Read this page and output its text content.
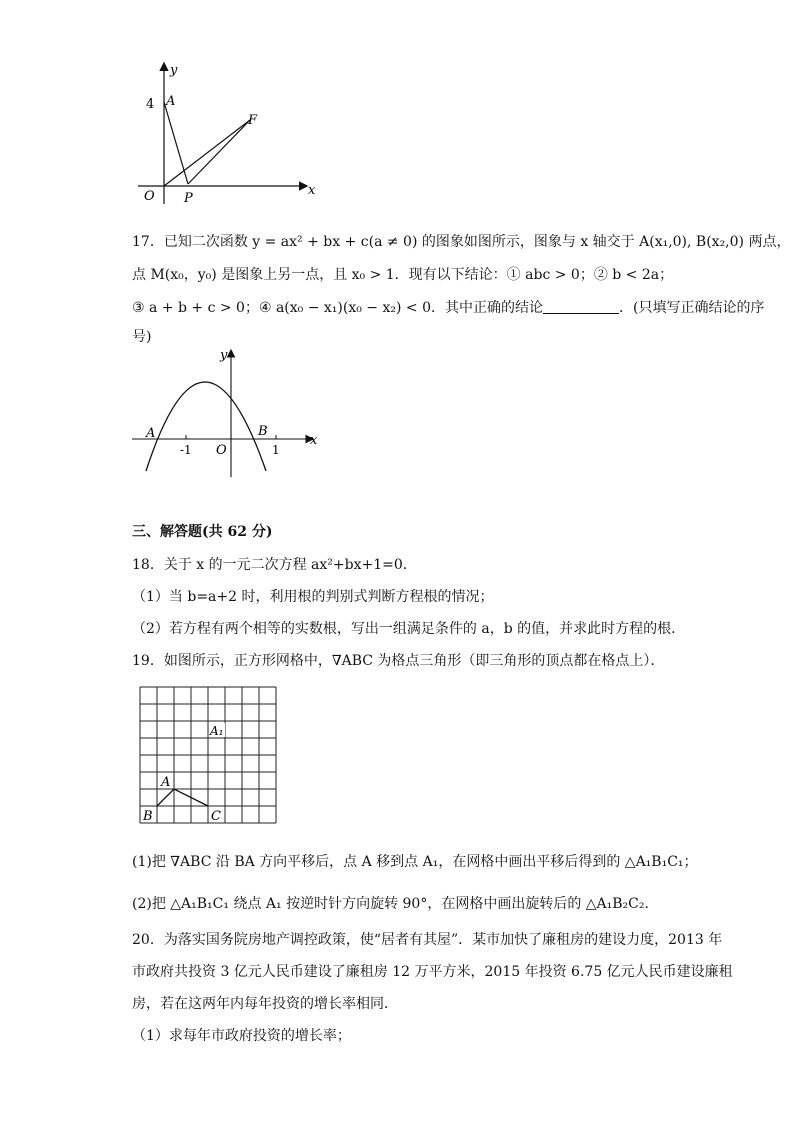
y
x
O
4 A
F
P
17．已知二次函数 y = ax² + bx + c(a ≠ 0) 的图象如图所示，图象与 x 轴交于 A(x₁,0), B(x₂,0) 两点，
点 M(x₀，y₀) 是图象上另一点，且 x₀ > 1．现有以下结论：① abc > 0；② b < 2a；
③ a + b + c > 0；④ a(x₀ − x₁)(x₀ − x₂) < 0．其中正确的结论	．(只填写正确结论的序
号)
y
x
O
A	B
-1	1
三、解答题(共 62 分)
18．关于 x 的一元二次方程 ax²+bx+1=0．
（1）当 b=a+2 时，利用根的判别式判断方程根的情况；
（2）若方程有两个相等的实数根，写出一组满足条件的 a，b 的值，并求此时方程的根．
19．如图所示，正方形网格中，∇ABC 为格点三角形（即三角形的顶点都在格点上）．
A₁
A
B	C
(1)把 ∇ABC 沿 BA 方向平移后，点 A 移到点 A₁，在网格中画出平移后得到的 △A₁B₁C₁；
(2)把 △A₁B₁C₁ 绕点 A₁ 按逆时针方向旋转 90°，在网格中画出旋转后的 △A₁B₂C₂．
20．为落实国务院房地产调控政策，使“居者有其屋”．某市加快了廉租房的建设力度，2013 年
市政府共投资 3 亿元人民币建设了廉租房 12 万平方米，2015 年投资 6.75 亿元人民币建设廉租
房，若在这两年内每年投资的增长率相同．
（1）求每年市政府投资的增长率；
